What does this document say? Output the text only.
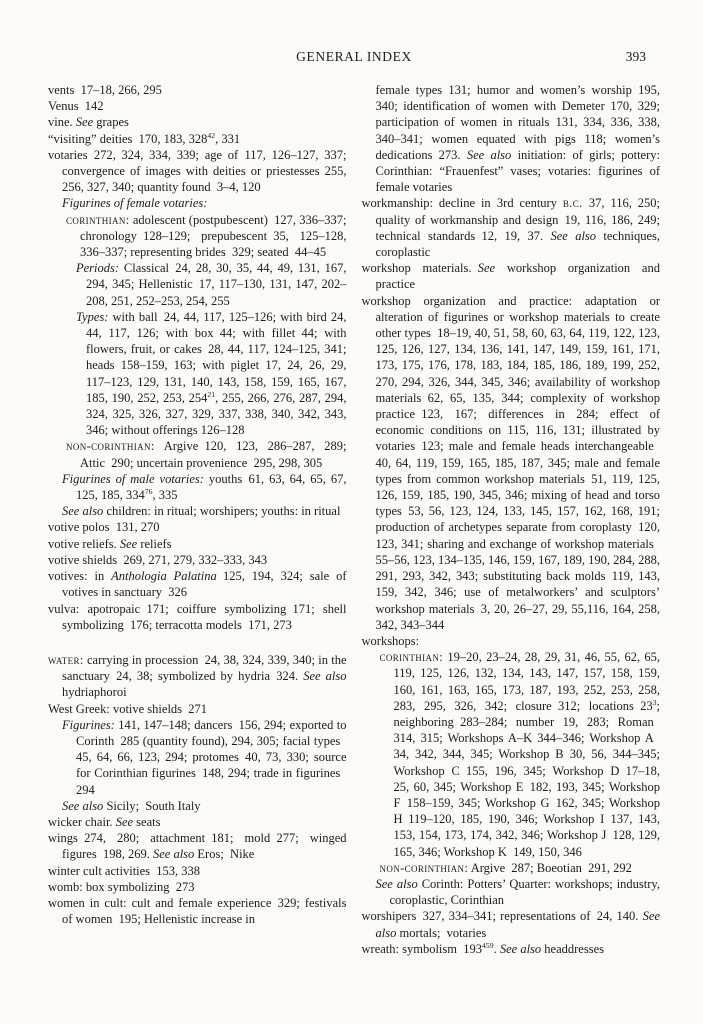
GENERAL INDEX	393

vents 17–18, 266, 295

Venus 142

vine. See grapes

“visiting” deities 170, 183, $328^{42}$, 331

votaries 272, 324, 334, 339; age of 117, 126–127, 337; convergence of images with deities or priestesses 255, 256, 327, 340; quantity found 3–4, 120

Figurines of female votaries:

corinthian: adolescent (postpubescent) 127, 336–337; chronology 128–129; prepubescent 35, 125–128, 336–337; representing brides 329; seated 44–45

Periods: Classical 24, 28, 30, 35, 44, 49, 131, 167, 294, 345; Hellenistic 17, 117–130, 131, 147, 202–208, 251, 252–253, 254, 255

Types: with ball 24, 44, 117, 125–126; with bird 24, 44, 117, 126; with box 44; with fillet 44; with flowers, fruit, or cakes 28, 44, 117, 124–125, 341; heads 158–159, 163; with piglet 17, 24, 26, 29, 117–123, 129, 131, 140, 143, 158, 159, 165, 167, 185, 190, 252, 253, $254^{21}$, 255, 266, 276, 287, 294, 324, 325, 326, 327, 329, 337, 338, 340, 342, 343, 346; without offerings 126–128

non-corinthian: Argive 120, 123, 286–287, 289; Attic 290; uncertain provenience 295, 298, 305

Figurines of male votaries: youths 61, 63, 64, 65, 67, 125, 185, $334^{76}$, 335

See also children: in ritual; worshipers; youths: in ritual

votive polos 131, 270

votive reliefs. See reliefs

votive shields 269, 271, 279, 332–333, 343

votives: in Anthologia Palatina 125, 194, 324; sale of votives in sanctuary 326

vulva: apotropaic 171; coiffure symbolizing 171; shell symbolizing 176; terracotta models 171, 273

water: carrying in procession 24, 38, 324, 339, 340; in the sanctuary 24, 38; symbolized by hydria 324. See also hydriaphoroi

West Greek: votive shields 271

Figurines: 141, 147–148; dancers 156, 294; exported to Corinth 285 (quantity found), 294, 305; facial types 45, 64, 66, 123, 294; protomes 40, 73, 330; source for Corinthian figurines 148, 294; trade in figurines 294

See also Sicily; South Italy

wicker chair. See seats

wings 274, 280; attachment 181; mold 277; winged figures 198, 269. See also Eros; Nike

winter cult activities 153, 338

womb: box symbolizing 273

women in cult: cult and female experience 329; festivals of women 195; Hellenistic increase in

female types 131; humor and women’s worship 195, 340; identification of women with Demeter 170, 329; participation of women in rituals 131, 334, 336, 338, 340–341; women equated with pigs 118; women’s dedications 273. See also initiation: of girls; pottery: Corinthian: “Frauenfest” vases; votaries: figurines of female votaries

workmanship: decline in 3rd century b.c. 37, 116, 250; quality of workmanship and design 19, 116, 186, 249; technical standards 12, 19, 37. See also techniques, coroplastic

workshop materials. See workshop organization and practice

workshop organization and practice: adaptation or alteration of figurines or workshop materials to create other types 18–19, 40, 51, 58, 60, 63, 64, 119, 122, 123, 125, 126, 127, 134, 136, 141, 147, 149, 159, 161, 171, 173, 175, 176, 178, 183, 184, 185, 186, 189, 199, 252, 270, 294, 326, 344, 345, 346; availability of workshop materials 62, 65, 135, 344; complexity of workshop practice 123, 167; differences in 284; effect of economic conditions on 115, 116, 131; illustrated by votaries 123; male and female heads interchangeable 40, 64, 119, 159, 165, 185, 187, 345; male and female types from common workshop materials 51, 119, 125, 126, 159, 185, 190, 345, 346; mixing of head and torso types 53, 56, 123, 124, 133, 145, 157, 162, 168, 191; production of archetypes separate from coroplasty 120, 123, 341; sharing and exchange of workshop materials 55–56, 123, 134–135, 146, 159, 167, 189, 190, 284, 288, 291, 293, 342, 343; substituting back molds 119, 143, 159, 342, 346; use of metalworkers’ and sculptors’ workshop materials 3, 20, 26–27, 29, 55,116, 164, 258, 342, 343–344

workshops:

corinthian: 19–20, 23–24, 28, 29, 31, 46, 55, 62, 65, 119, 125, 126, 132, 134, 143, 147, 157, 158, 159, 160, 161, 163, 165, 173, 187, 193, 252, 253, 258, 283, 295, 326, 342; closure 312; locations $23^3$; neighboring 283–284; number 19, 283; Roman 314, 315; Workshops A–K 344–346; Workshop A 34, 342, 344, 345; Workshop B 30, 56, 344–345; Workshop C 155, 196, 345; Workshop D 17–18, 25, 60, 345; Workshop E 182, 193, 345; Workshop F 158–159, 345; Workshop G 162, 345; Workshop H 119–120, 185, 190, 346; Workshop I 137, 143, 153, 154, 173, 174, 342, 346; Workshop J 128, 129, 165, 346; Workshop K 149, 150, 346

non-corinthian: Argive 287; Boeotian 291, 292

See also Corinth: Potters’ Quarter: workshops; industry, coroplastic, Corinthian

worshipers 327, 334–341; representations of 24, 140. See also mortals; votaries

wreath: symbolism $193^{459}$. See also headdresses
